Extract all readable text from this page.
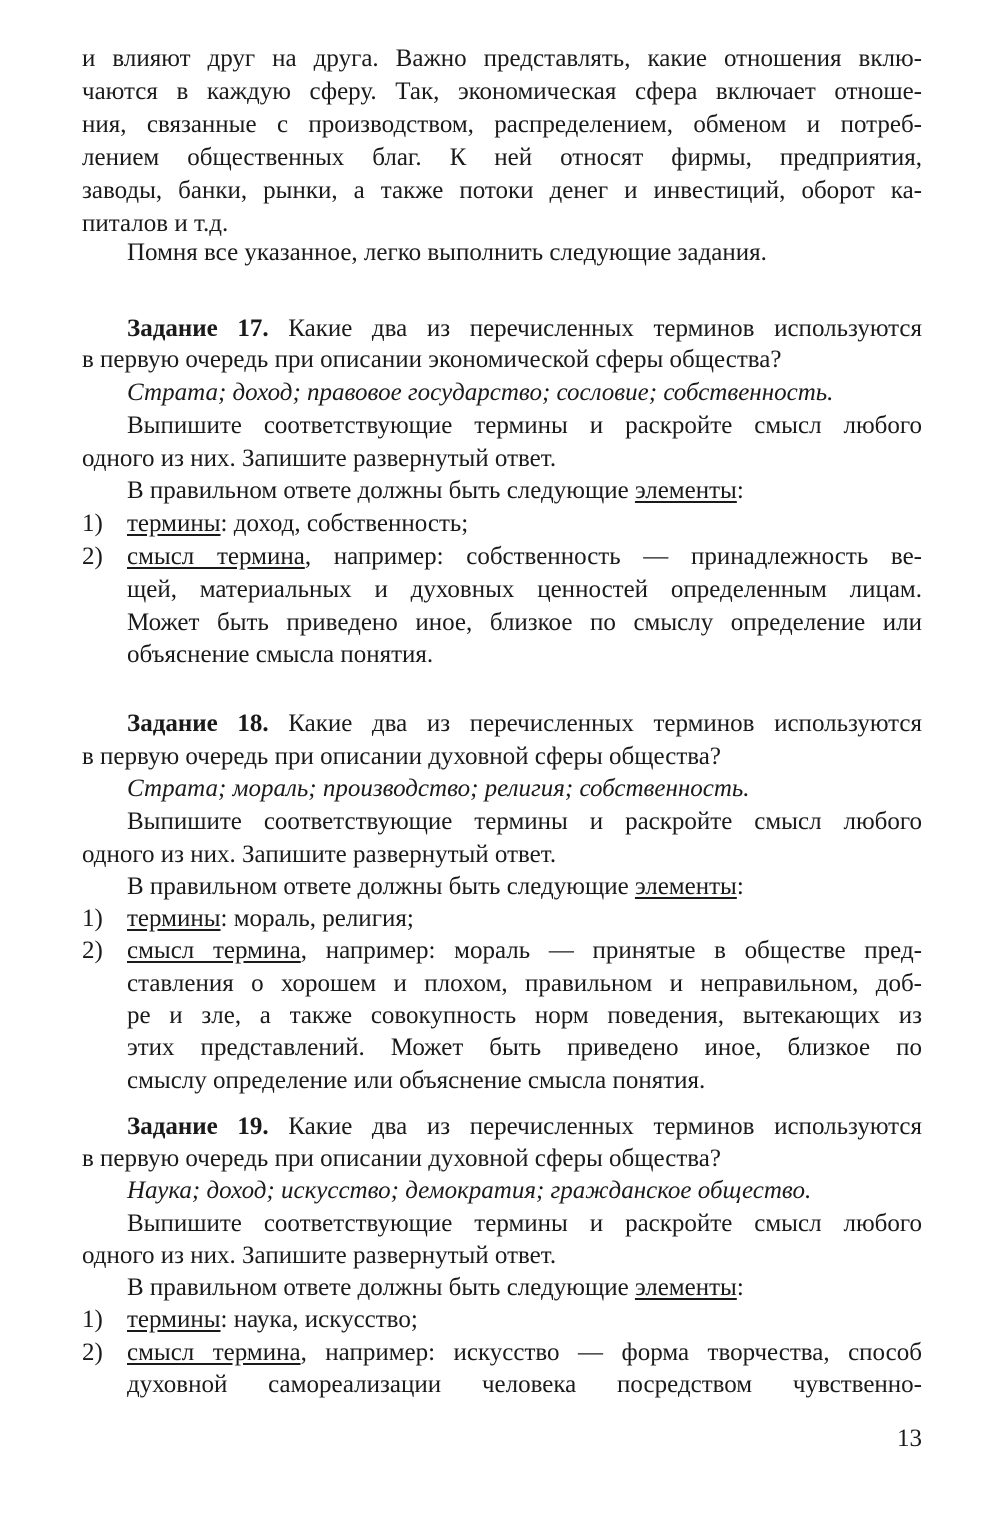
и влияют друг на друга. Важно представлять, какие отношения вклю-
чаются в каждую сферу. Так, экономическая сфера включает отноше-
ния, связанные с производством, распределением, обменом и потреб-
лением общественных благ. К ней относят фирмы, предприятия,
заводы, банки, рынки, а также потоки денег и инвестиций, оборот ка-
питалов и т.д.
Помня все указанное, легко выполнить следующие задания.
Задание 17. Какие два из перечисленных терминов используются
в первую очередь при описании экономической сферы общества?
Страта; доход; правовое государство; сословие; собственность.
Выпишите соответствующие термины и раскройте смысл любого
одного из них. Запишите развернутый ответ.
В правильном ответе должны быть следующие элементы:
1) термины: доход, собственность;
2) смысл термина, например: собственность — принадлежность ве-
щей, материальных и духовных ценностей определенным лицам.
Может быть приведено иное, близкое по смыслу определение или
объяснение смысла понятия.
Задание 18. Какие два из перечисленных терминов используются
в первую очередь при описании духовной сферы общества?
Страта; мораль; производство; религия; собственность.
Выпишите соответствующие термины и раскройте смысл любого
одного из них. Запишите развернутый ответ.
В правильном ответе должны быть следующие элементы:
1) термины: мораль, религия;
2) смысл термина, например: мораль — принятые в обществе пред-
ставления о хорошем и плохом, правильном и неправильном, доб-
ре и зле, а также совокупность норм поведения, вытекающих из
этих представлений. Может быть приведено иное, близкое по
смыслу определение или объяснение смысла понятия.
Задание 19. Какие два из перечисленных терминов используются
в первую очередь при описании духовной сферы общества?
Наука; доход; искусство; демократия; гражданское общество.
Выпишите соответствующие термины и раскройте смысл любого
одного из них. Запишите развернутый ответ.
В правильном ответе должны быть следующие элементы:
1) термины: наука, искусство;
2) смысл термина, например: искусство — форма творчества, способ
духовной самореализации человека посредством чувственно-
13
